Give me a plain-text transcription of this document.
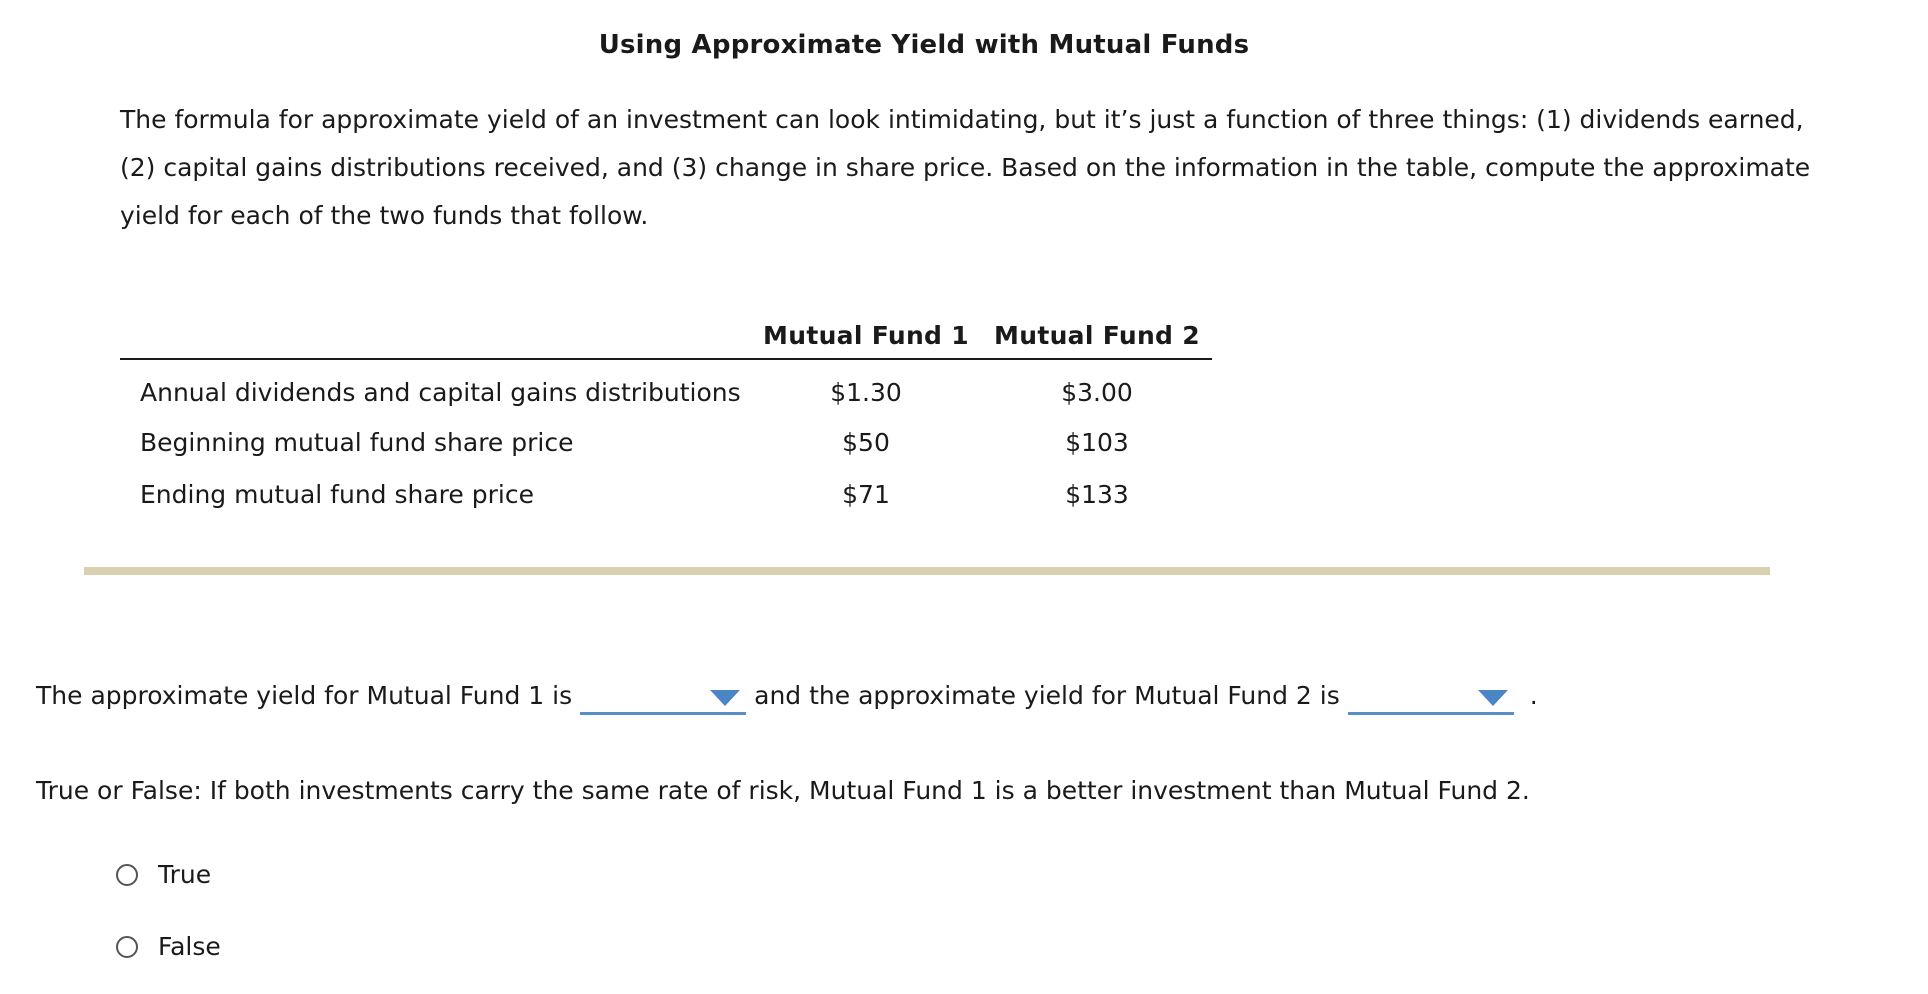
Using Approximate Yield with Mutual Funds
The formula for approximate yield of an investment can look intimidating, but it’s just a function of three things: (1) dividends earned, (2) capital gains distributions received, and (3) change in share price. Based on the information in the table, compute the approximate yield for each of the two funds that follow.
	Mutual Fund 1	Mutual Fund 2
Annual dividends and capital gains distributions	$1.30	$3.00
Beginning mutual fund share price	$50	$103
Ending mutual fund share price	$71	$133
The approximate yield for Mutual Fund 1 is	and the approximate yield for Mutual Fund 2 is	.
True or False: If both investments carry the same rate of risk, Mutual Fund 1 is a better investment than Mutual Fund 2.
True
False
